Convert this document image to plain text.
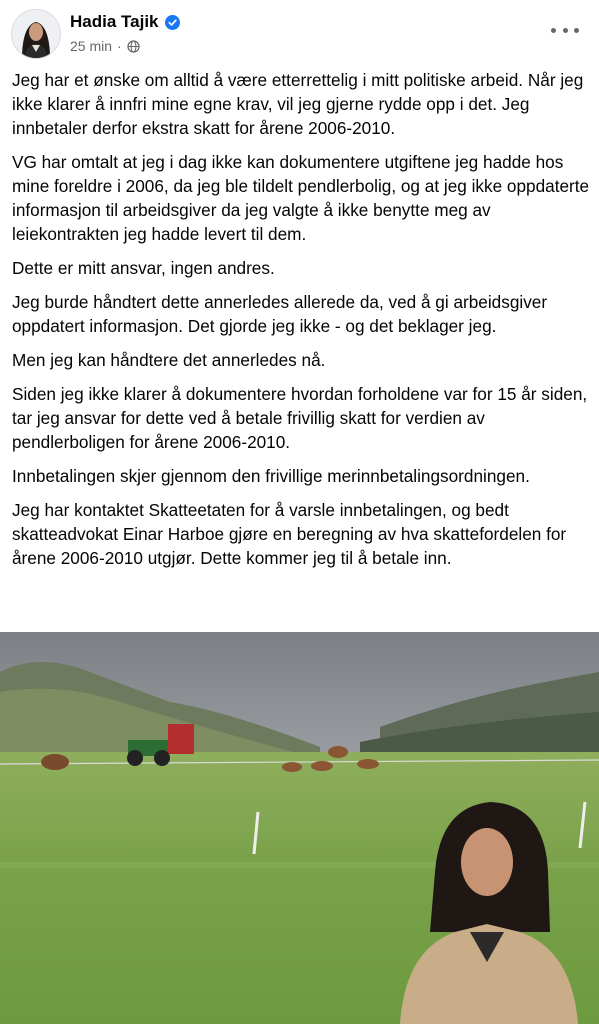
Hadia Tajik
25 min ·

Jeg har et ønske om alltid å være etterrettelig i mitt politiske arbeid. Når jeg ikke klarer å innfri mine egne krav, vil jeg gjerne rydde opp i det. Jeg innbetaler derfor ekstra skatt for årene 2006-2010.

VG har omtalt at jeg i dag ikke kan dokumentere utgiftene jeg hadde hos mine foreldre i 2006, da jeg ble tildelt pendlerbolig, og at jeg ikke oppdaterte informasjon til arbeidsgiver da jeg valgte å ikke benytte meg av leiekontrakten jeg hadde levert til dem.

Dette er mitt ansvar, ingen andres.

Jeg burde håndtert dette annerledes allerede da, ved å gi arbeidsgiver oppdatert informasjon. Det gjorde jeg ikke - og det beklager jeg.

Men jeg kan håndtere det annerledes nå.

Siden jeg ikke klarer å dokumentere hvordan forholdene var for 15 år siden, tar jeg ansvar for dette ved å betale frivillig skatt for verdien av pendlerboligen for årene 2006-2010.

Innbetalingen skjer gjennom den frivillige merinnbetalingsordningen.

Jeg har kontaktet Skatteetaten for å varsle innbetalingen, og bedt skatteadvokat Einar Harboe gjøre en beregning av hva skattefordelen for årene 2006-2010 utgjør. Dette kommer jeg til å betale inn.
